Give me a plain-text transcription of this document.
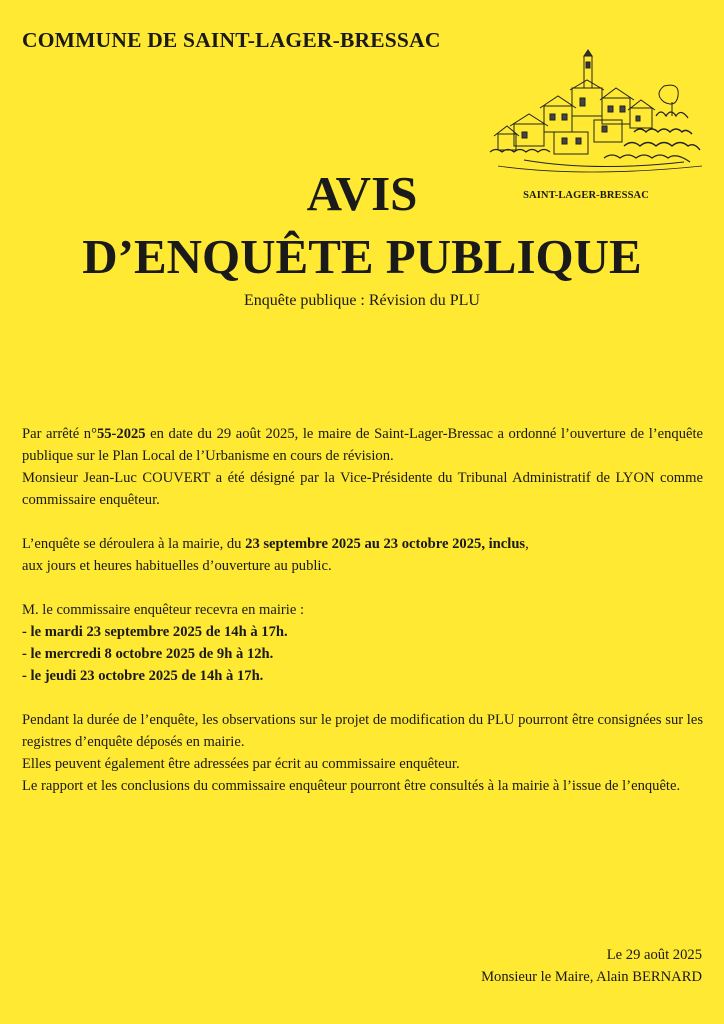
COMMUNE DE SAINT-LAGER-BRESSAC
SAINT-LAGER-BRESSAC
AVIS
D’ENQUÊTE PUBLIQUE
Enquête publique : Révision du PLU

Par arrêté n°55-2025 en date du 29 août 2025, le maire de Saint-Lager-Bressac a ordonné l’ouverture de l’enquête publique sur le Plan Local de l’Urbanisme en cours de révision.

Monsieur Jean-Luc COUVERT a été désigné par la Vice-Présidente du Tribunal Administratif de LYON comme commissaire enquêteur.

L’enquête se déroulera à la mairie, du 23 septembre 2025 au 23 octobre 2025, inclus,

aux jours et heures habituelles d’ouverture au public.

M. le commissaire enquêteur recevra en mairie :

- le mardi 23 septembre 2025 de 14h à 17h.

- le mercredi 8 octobre 2025 de 9h à 12h.

- le jeudi 23 octobre 2025 de 14h à 17h.

Pendant la durée de l’enquête, les observations sur le projet de modification du PLU pourront être consignées sur les registres d’enquête déposés en mairie.

Elles peuvent également être adressées par écrit au commissaire enquêteur.

Le rapport et les conclusions du commissaire enquêteur pourront être consultés à la mairie à l’issue de l’enquête.

Le 29 août 2025
Monsieur le Maire, Alain BERNARD
